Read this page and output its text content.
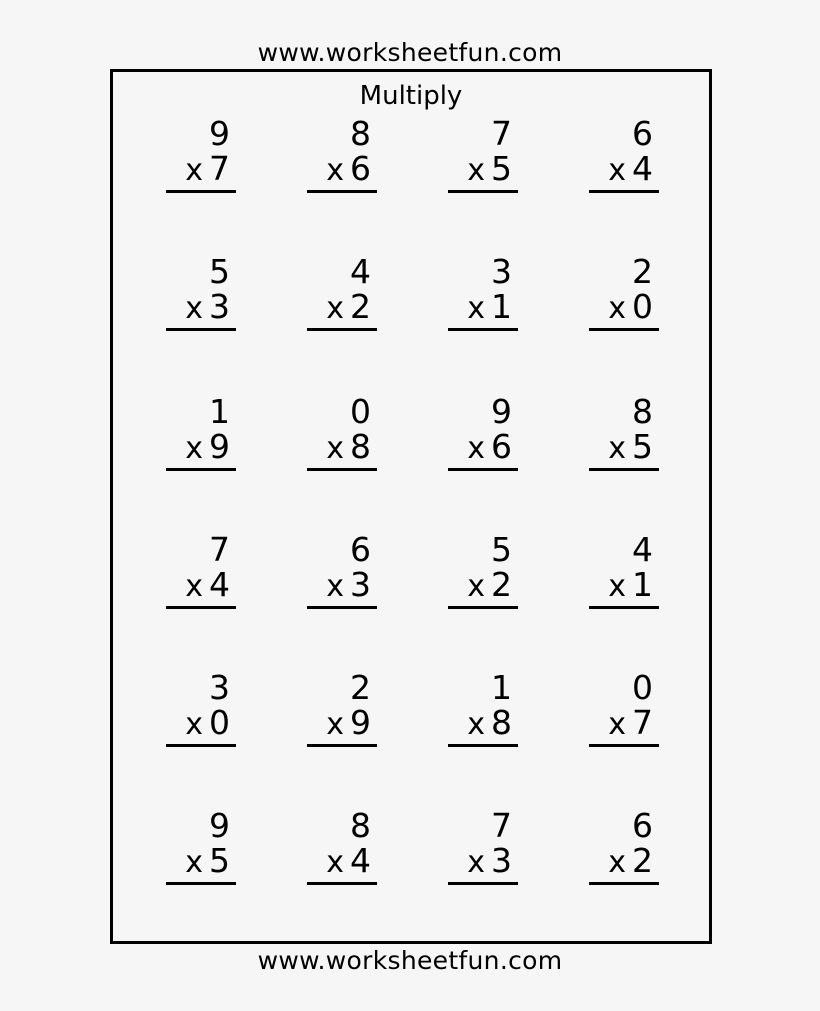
www.worksheetfun.com
Multiply
9
x 7
8
x 6
7
x 5
6
x 4
5
x 3
4
x 2
3
x 1
2
x 0
1
x 9
0
x 8
9
x 6
8
x 5
7
x 4
6
x 3
5
x 2
4
x 1
3
x 0
2
x 9
1
x 8
0
x 7
9
x 5
8
x 4
7
x 3
6
x 2
www.worksheetfun.com
